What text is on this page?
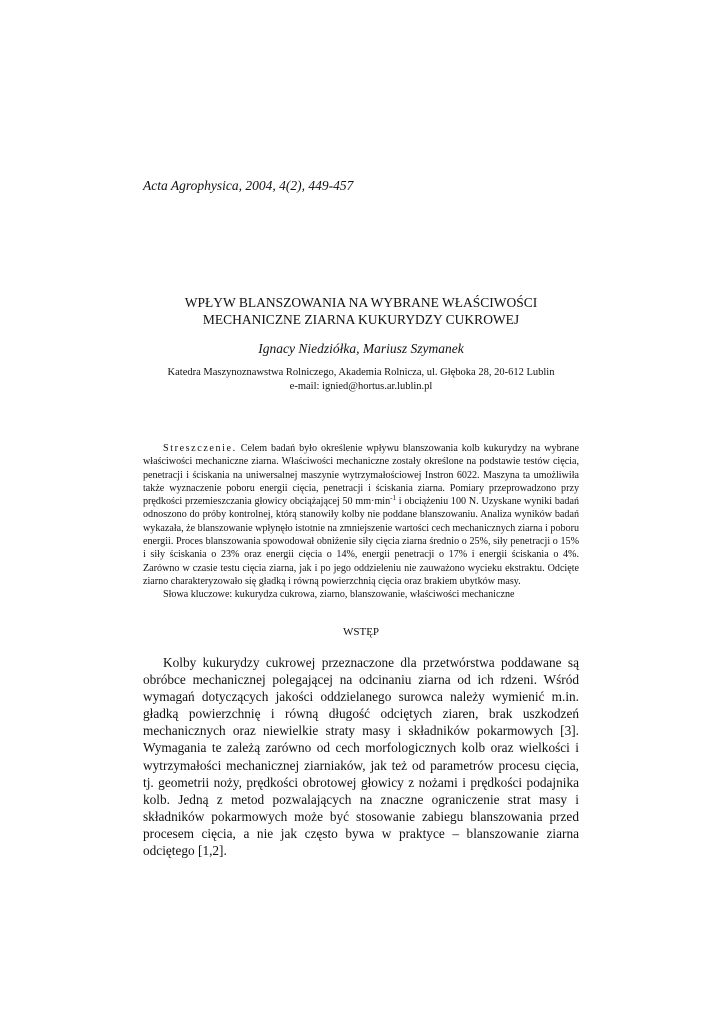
Acta Agrophysica, 2004, 4(2), 449-457
WPŁYW BLANSZOWANIA NA WYBRANE WŁAŚCIWOŚCI
MECHANICZNE ZIARNA KUKURYDZY CUKROWEJ
Ignacy Niedziółka, Mariusz Szymanek
Katedra Maszynoznawstwa Rolniczego, Akademia Rolnicza, ul. Głęboka 28, 20-612 Lublin
e-mail: ignied@hortus.ar.lublin.pl

Streszczenie. Celem badań było określenie wpływu blanszowania kolb kukurydzy na wybrane właściwości mechaniczne ziarna. Właściwości mechaniczne zostały określone na podstawie testów cięcia, penetracji i ściskania na uniwersalnej maszynie wytrzymałościowej Instron 6022. Maszyna ta umożliwiła także wyznaczenie poboru energii cięcia, penetracji i ściskania ziarna. Pomiary przeprowadzono przy prędkości przemieszczania głowicy obciążającej 50 $mm\cdot\min^{-1}$ i obciążeniu 100 N. Uzyskane wyniki badań odnoszono do próby kontrolnej, którą stanowiły kolby nie poddane blanszowaniu. Analiza wyników badań wykazała, że blanszowanie wpłynęło istotnie na zmniejszenie wartości cech mechanicznych ziarna i poboru energii. Proces blanszowania spowodował obniżenie siły cięcia ziarna średnio o 25%, siły penetracji o 15% i siły ściskania o 23% oraz energii cięcia o 14%, energii penetracji o 17% i energii ściskania o 4%. Zarówno w czasie testu cięcia ziarna, jak i po jego oddzieleniu nie zauważono wycieku ekstraktu. Odcięte ziarno charakteryzowało się gładką i równą powierzchnią cięcia oraz brakiem ubytków masy.

Słowa kluczowe: kukurydza cukrowa, ziarno, blanszowanie, właściwości mechaniczne

WSTĘP

Kolby kukurydzy cukrowej przeznaczone dla przetwórstwa poddawane są obróbce mechanicznej polegającej na odcinaniu ziarna od ich rdzeni. Wśród wymagań dotyczących jakości oddzielanego surowca należy wymienić m.in. gładką powierzchnię i równą długość odciętych ziaren, brak uszkodzeń mechanicznych oraz niewielkie straty masy i składników pokarmowych [3]. Wymagania te zależą zarówno od cech morfologicznych kolb oraz wielkości i wytrzymałości mechanicznej ziarniaków, jak też od parametrów procesu cięcia, tj. geometrii noży, prędkości obrotowej głowicy z nożami i prędkości podajnika kolb. Jedną z metod pozwalających na znaczne ograniczenie strat masy i składników pokarmowych może być stosowanie zabiegu blanszowania przed procesem cięcia, a nie jak często bywa w praktyce – blanszowanie ziarna odciętego [1,2].
